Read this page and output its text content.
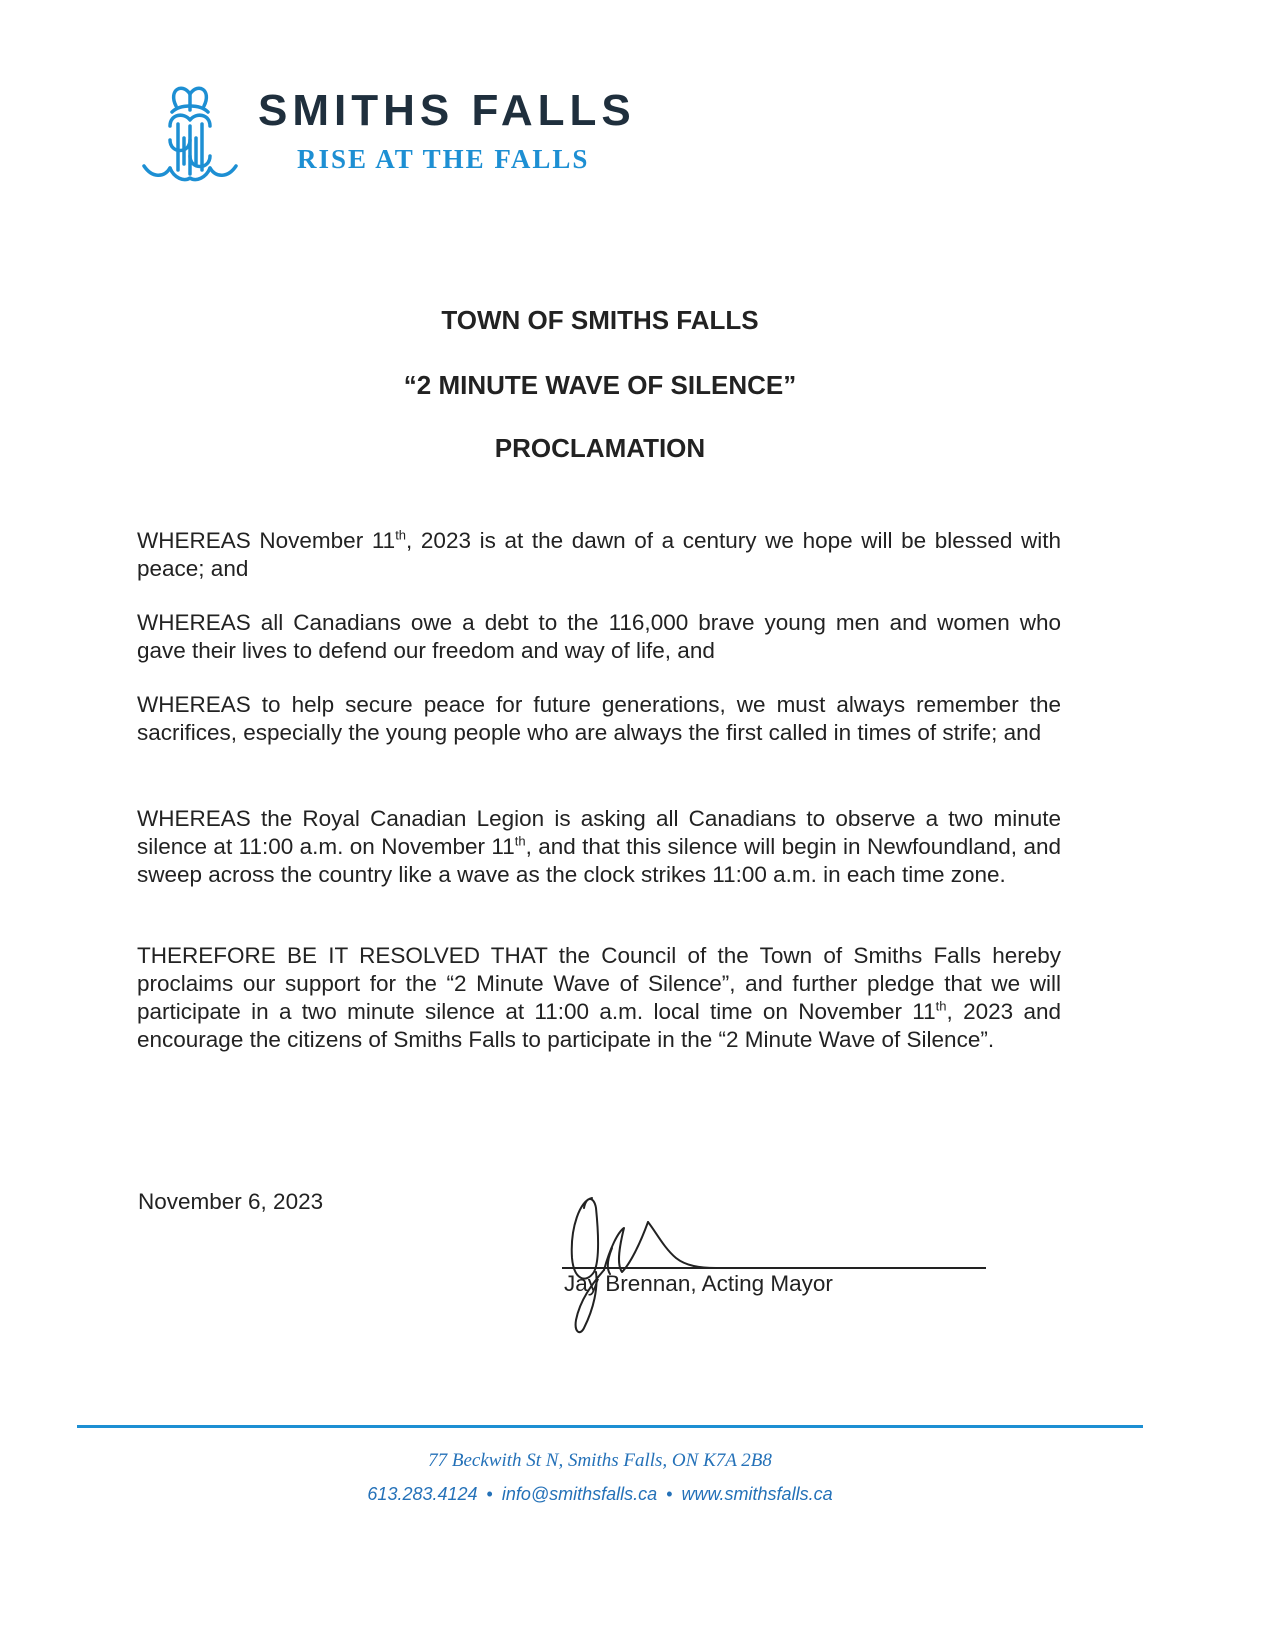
SMITHS FALLS
RISE AT THE FALLS
TOWN OF SMITHS FALLS
“2 MINUTE WAVE OF SILENCE”
PROCLAMATION
WHEREAS November 11th, 2023 is at the dawn of a century we hope will be blessed with peace; and
WHEREAS all Canadians owe a debt to the 116,000 brave young men and women who gave their lives to defend our freedom and way of life, and
WHEREAS to help secure peace for future generations, we must always remember the sacrifices, especially the young people who are always the first called in times of strife; and
WHEREAS the Royal Canadian Legion is asking all Canadians to observe a two minute silence at 11:00 a.m. on November 11th, and that this silence will begin in Newfoundland, and sweep across the country like a wave as the clock strikes 11:00 a.m. in each time zone.
THEREFORE BE IT RESOLVED THAT the Council of the Town of Smiths Falls hereby proclaims our support for the “2 Minute Wave of Silence”, and further pledge that we will participate in a two minute silence at 11:00 a.m. local time on November 11th, 2023 and encourage the citizens of Smiths Falls to participate in the “2 Minute Wave of Silence”.
November 6, 2023
Jay Brennan, Acting Mayor
77 Beckwith St N, Smiths Falls, ON K7A 2B8
613.283.4124 • info@smithsfalls.ca • www.smithsfalls.ca
